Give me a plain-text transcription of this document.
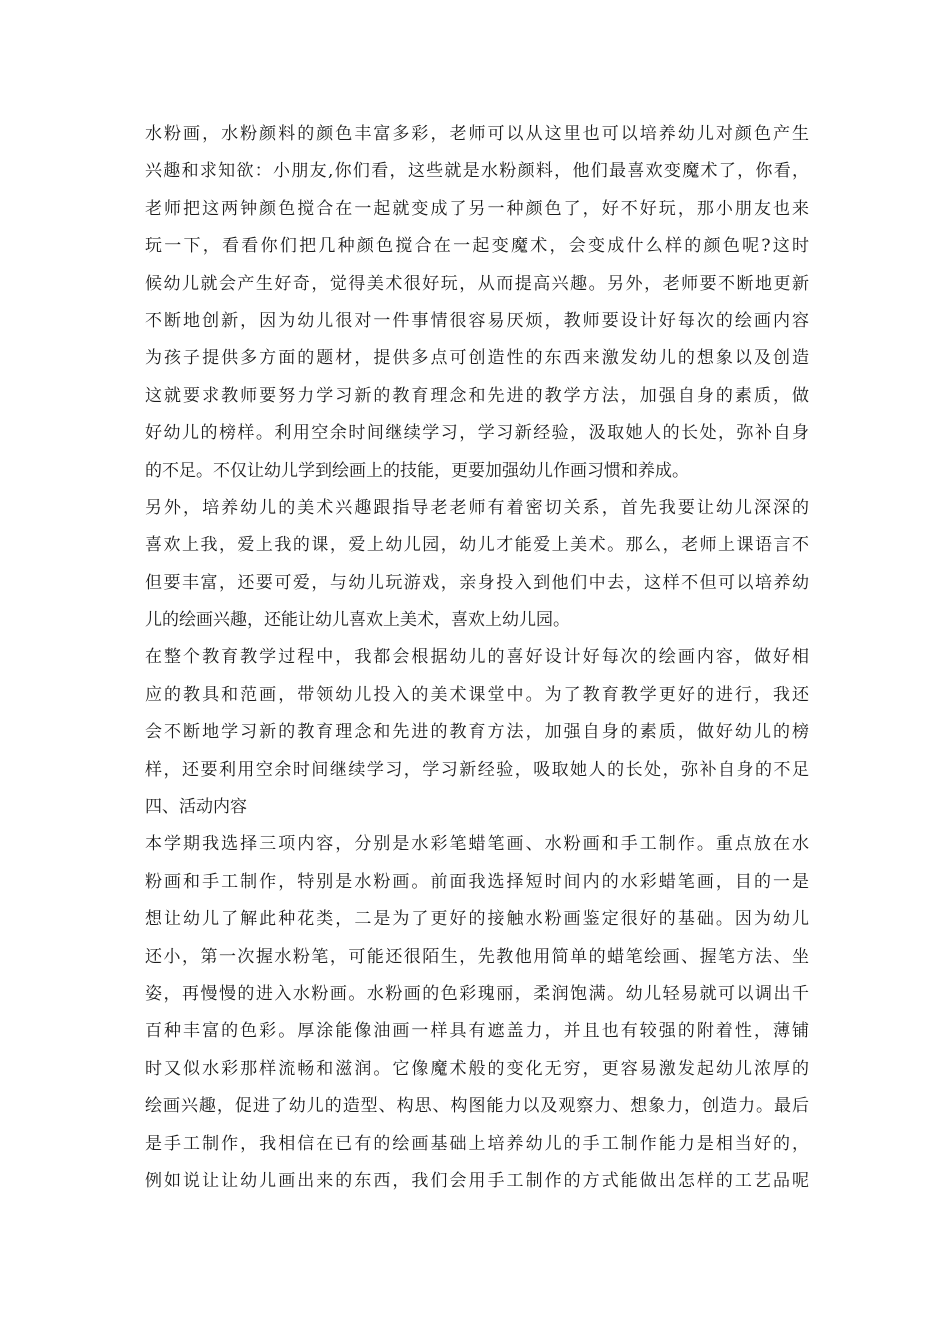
水粉画，水粉颜料的颜色丰富多彩，老师可以从这里也可以培养幼儿对颜色产生
兴趣和求知欲：小朋友,你们看，这些就是水粉颜料，他们最喜欢变魔术了，你看，
老师把这两钟颜色搅合在一起就变成了另一种颜色了，好不好玩，那小朋友也来
玩一下，看看你们把几种颜色搅合在一起变魔术，会变成什么样的颜色呢?这时
候幼儿就会产生好奇，觉得美术很好玩，从而提高兴趣。另外，老师要不断地更新
不断地创新，因为幼儿很对一件事情很容易厌烦，教师要设计好每次的绘画内容
为孩子提供多方面的题材，提供多点可创造性的东西来激发幼儿的想象以及创造
这就要求教师要努力学习新的教育理念和先进的教学方法，加强自身的素质，做
好幼儿的榜样。利用空余时间继续学习，学习新经验，汲取她人的长处，弥补自身
的不足。不仅让幼儿学到绘画上的技能，更要加强幼儿作画习惯和养成。
另外，培养幼儿的美术兴趣跟指导老老师有着密切关系，首先我要让幼儿深深的
喜欢上我，爱上我的课，爱上幼儿园，幼儿才能爱上美术。那么，老师上课语言不
但要丰富，还要可爱，与幼儿玩游戏，亲身投入到他们中去，这样不但可以培养幼
儿的绘画兴趣，还能让幼儿喜欢上美术，喜欢上幼儿园。
在整个教育教学过程中，我都会根据幼儿的喜好设计好每次的绘画内容，做好相
应的教具和范画，带领幼儿投入的美术课堂中。为了教育教学更好的进行，我还
会不断地学习新的教育理念和先进的教育方法，加强自身的素质，做好幼儿的榜
样，还要利用空余时间继续学习，学习新经验，吸取她人的长处，弥补自身的不足
四、活动内容
本学期我选择三项内容，分别是水彩笔蜡笔画、水粉画和手工制作。重点放在水
粉画和手工制作，特别是水粉画。前面我选择短时间内的水彩蜡笔画，目的一是
想让幼儿了解此种花类，二是为了更好的接触水粉画鉴定很好的基础。因为幼儿
还小，第一次握水粉笔，可能还很陌生，先教他用简单的蜡笔绘画、握笔方法、坐
姿，再慢慢的进入水粉画。水粉画的色彩瑰丽，柔润饱满。幼儿轻易就可以调出千
百种丰富的色彩。厚涂能像油画一样具有遮盖力，并且也有较强的附着性，薄铺
时又似水彩那样流畅和滋润。它像魔术般的变化无穷，更容易激发起幼儿浓厚的
绘画兴趣，促进了幼儿的造型、构思、构图能力以及观察力、想象力，创造力。最后
是手工制作，我相信在已有的绘画基础上培养幼儿的手工制作能力是相当好的，
例如说让让幼儿画出来的东西，我们会用手工制作的方式能做出怎样的工艺品呢
